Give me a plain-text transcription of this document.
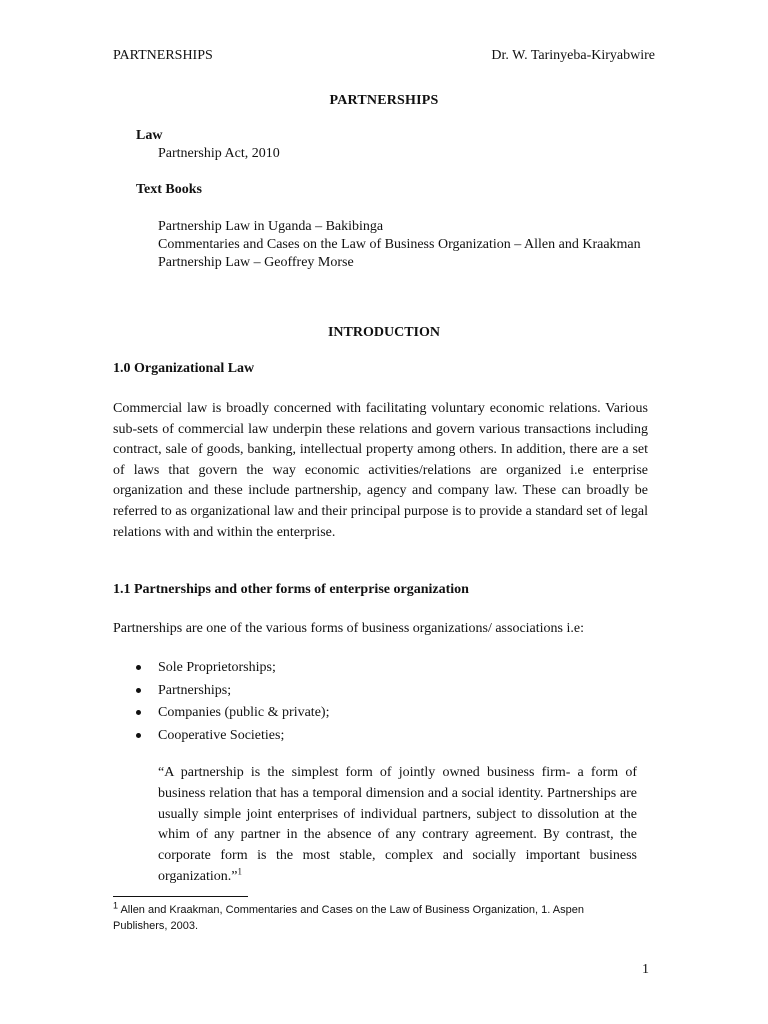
PARTNERSHIPS	Dr. W. Tarinyeba-Kiryabwire
PARTNERSHIPS
Law
Partnership Act, 2010
Text Books
Partnership Law in Uganda – Bakibinga
Commentaries and Cases on the Law of Business Organization – Allen and Kraakman
Partnership Law – Geoffrey Morse
INTRODUCTION
1.0 Organizational Law

Commercial law is broadly concerned with facilitating voluntary economic relations. Various sub-sets of commercial law underpin these relations and govern various transactions including contract, sale of goods, banking, intellectual property among others. In addition, there are a set of laws that govern the way economic activities/relations are organized i.e enterprise organization and these include partnership, agency and company law. These can broadly be referred to as organizational law and their principal purpose is to provide a standard set of legal relations with and within the enterprise.

1.1 Partnerships and other forms of enterprise organization

Partnerships are one of the various forms of business organizations/ associations i.e:

Sole Proprietorships;
Partnerships;
Companies (public & private);
Cooperative Societies;

“A partnership is the simplest form of jointly owned business firm- a form of business relation that has a temporal dimension and a social identity. Partnerships are usually simple joint enterprises of individual partners, subject to dissolution at the whim of any partner in the absence of any contrary agreement. By contrast, the corporate form is the most stable, complex and socially important business organization.”$^1$

$^1$ Allen and Kraakman, Commentaries and Cases on the Law of Business Organization, 1. Aspen Publishers, 2003.

1
